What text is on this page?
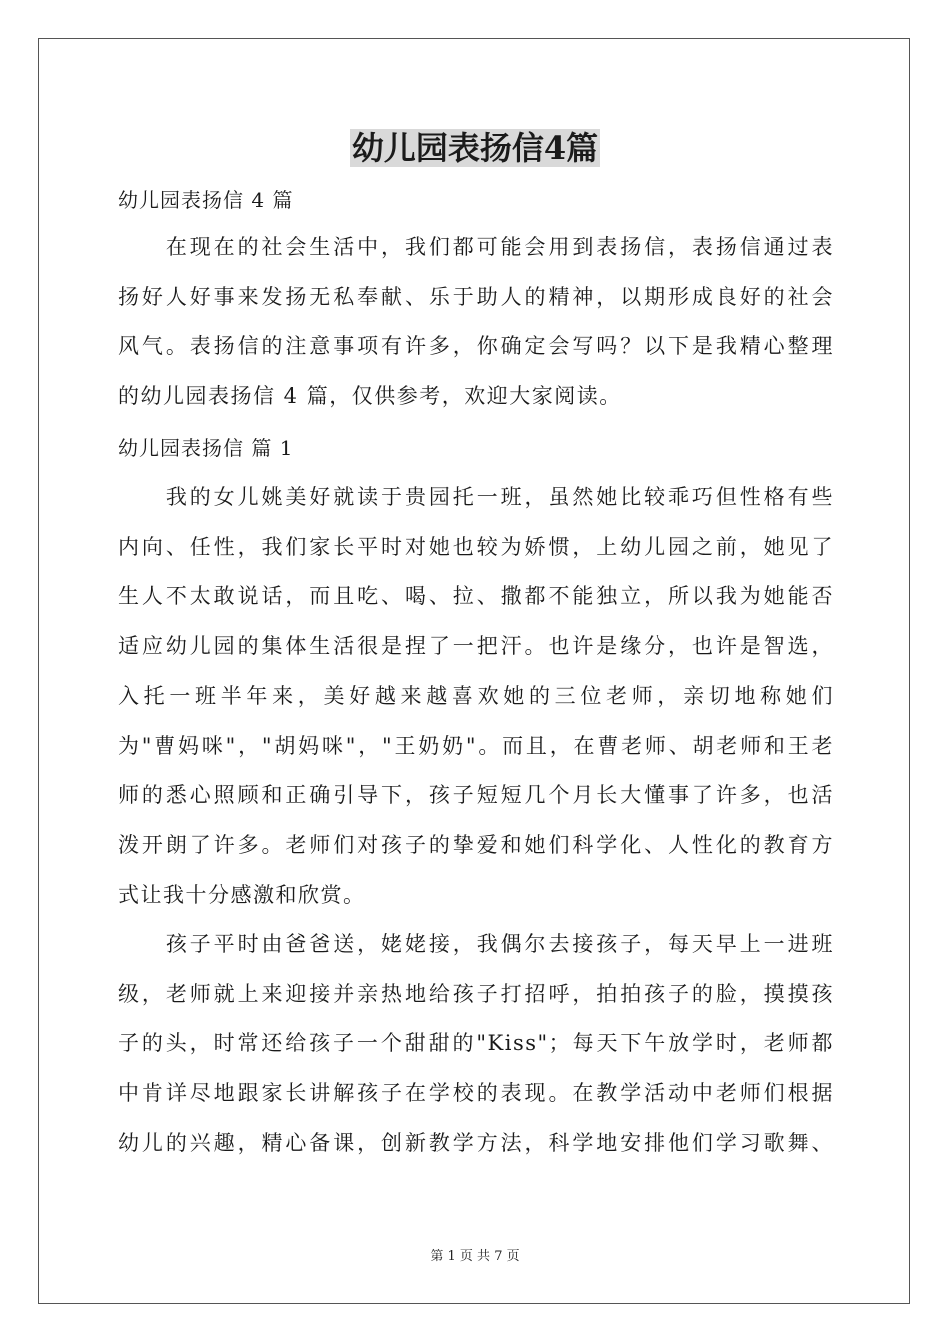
幼儿园表扬信4篇
幼儿园表扬信 4 篇
　　在现在的社会生活中，我们都可能会用到表扬信，表扬信通过表
扬好人好事来发扬无私奉献、乐于助人的精神，以期形成良好的社会
风气。表扬信的注意事项有许多，你确定会写吗？以下是我精心整理
的幼儿园表扬信 4 篇，仅供参考，欢迎大家阅读。
幼儿园表扬信 篇 1
　　我的女儿姚美好就读于贵园托一班，虽然她比较乖巧但性格有些
内向、任性，我们家长平时对她也较为娇惯，上幼儿园之前，她见了
生人不太敢说话，而且吃、喝、拉、撒都不能独立，所以我为她能否
适应幼儿园的集体生活很是捏了一把汗。也许是缘分，也许是智选，
入托一班半年来，美好越来越喜欢她的三位老师，亲切地称她们
为"曹妈咪"，"胡妈咪"，"王奶奶"。而且，在曹老师、胡老师和王老
师的悉心照顾和正确引导下，孩子短短几个月长大懂事了许多，也活
泼开朗了许多。老师们对孩子的挚爱和她们科学化、人性化的教育方
式让我十分感激和欣赏。
　　孩子平时由爸爸送，姥姥接，我偶尔去接孩子，每天早上一进班
级，老师就上来迎接并亲热地给孩子打招呼，拍拍孩子的脸，摸摸孩
子的头，时常还给孩子一个甜甜的"Kiss"；每天下午放学时，老师都
中肯详尽地跟家长讲解孩子在学校的表现。在教学活动中老师们根据
幼儿的兴趣，精心备课，创新教学方法，科学地安排他们学习歌舞、
第 1 页 共 7 页
